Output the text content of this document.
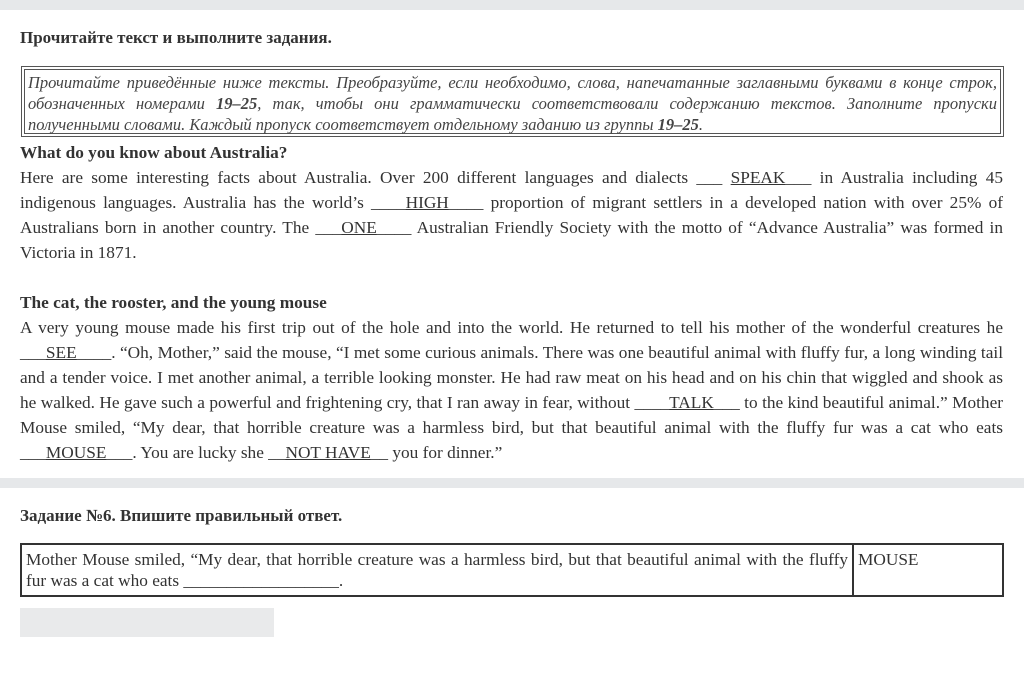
Прочитайте текст и выполните задания.
Прочитайте приведённые ниже тексты. Преобразуйте, если необходимо, слова, напечатанные заглавными буквами в конце строк, обозначенных номерами 19–25, так, чтобы они грамматически соответствовали содержанию текстов. Заполните пропуски полученными словами. Каждый пропуск соответствует отдельному заданию из группы 19–25.

What do you know about Australia?

Here are some interesting facts about Australia. Over 200 different languages and dialects ___ SPEAK___ in Australia including 45 indigenous languages. Australia has the world’s ____HIGH____ proportion of migrant settlers in a developed nation with over 25% of Australians born in another country. The ___ONE____ Australian Friendly Society with the motto of “Advance Australia” was formed in Victoria in 1871.

The cat, the rooster, and the young mouse

A very young mouse made his first trip out of the hole and into the world. He returned to tell his mother of the wonderful creatures he ___SEE____. “Oh, Mother,” said the mouse, “I met some curious animals. There was one beautiful animal with fluffy fur, a long winding tail and a tender voice. I met another animal, a terrible looking monster. He had raw meat on his head and on his chin that wiggled and shook as he walked. He gave such a powerful and frightening cry, that I ran away in fear, without ____TALK___ to the kind beautiful animal.” Mother Mouse smiled, “My dear, that horrible creature was a harmless bird, but that beautiful animal with the fluffy fur was a cat who eats ___MOUSE___. You are lucky she __NOT HAVE__ you for dinner.”

Задание №6. Впишите правильный ответ.
Mother Mouse smiled, “My dear, that horrible creature was a harmless bird, but that beautiful animal with the fluffy fur was a cat who eats __________________.	MOUSE
